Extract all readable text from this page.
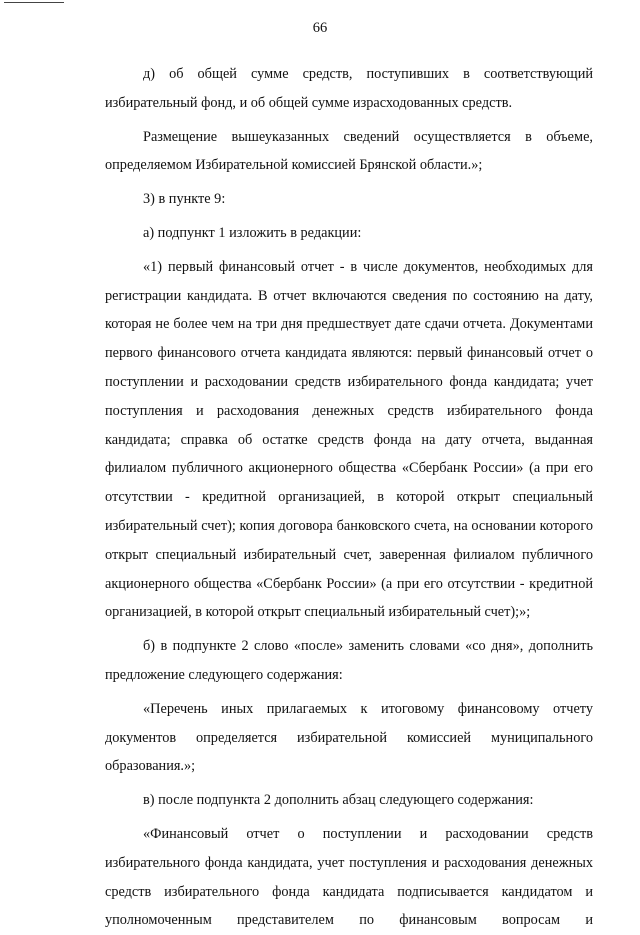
66

д) об общей сумме средств, поступивших в соответствующий избирательный фонд, и об общей сумме израсходованных средств.

Размещение вышеуказанных сведений осуществляется в объеме, определяемом Избирательной комиссией Брянской области.»;

3) в пункте 9:

а) подпункт 1 изложить в редакции:

«1) первый финансовый отчет - в числе документов, необходимых для регистрации кандидата. В отчет включаются сведения по состоянию на дату, которая не более чем на три дня предшествует дате сдачи отчета. Документами первого финансового отчета кандидата являются: первый финансовый отчет о поступлении и расходовании средств избирательного фонда кандидата; учет поступления и расходования денежных средств избирательного фонда кандидата; справка об остатке средств фонда на дату отчета, выданная филиалом публичного акционерного общества «Сбербанк России» (а при его отсутствии - кредитной организацией, в которой открыт специальный избирательный счет); копия договора банковского счета, на основании которого открыт специальный избирательный счет, заверенная филиалом публичного акционерного общества «Сбербанк России» (а при его отсутствии - кредитной организацией, в которой открыт специальный избирательный счет);»;

б) в подпункте 2 слово «после» заменить словами «со дня», дополнить предложение следующего содержания:

«Перечень иных прилагаемых к итоговому финансовому отчету документов определяется избирательной комиссией муниципального образования.»;

в) после подпункта 2 дополнить абзац следующего содержания:

«Финансовый отчет о поступлении и расходовании средств избирательного фонда кандидата, учет поступления и расходования денежных средств избирательного фонда кандидата подписывается кандидатом и уполномоченным представителем по финансовым вопросам и
